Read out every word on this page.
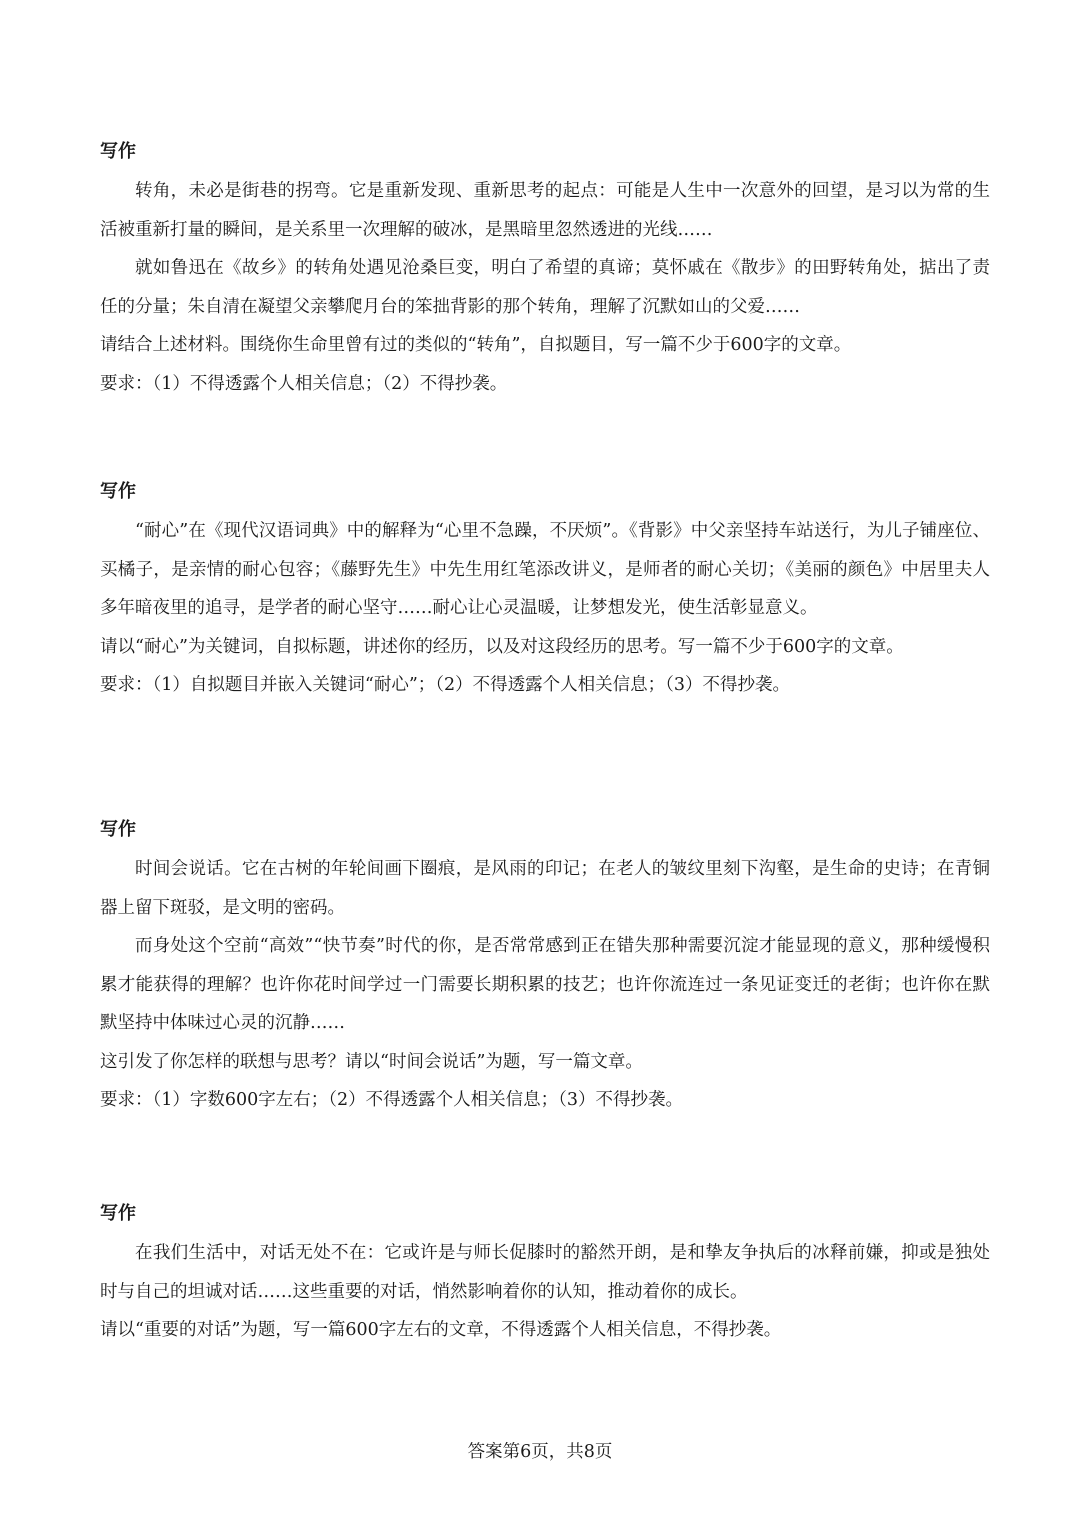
写作

转角，未必是街巷的拐弯。它是重新发现、重新思考的起点：可能是人生中一次意外的回望，是习以为常的生活被重新打量的瞬间，是关系里一次理解的破冰，是黑暗里忽然透进的光线……

就如鲁迅在《故乡》的转角处遇见沧桑巨变，明白了希望的真谛；莫怀戚在《散步》的田野转角处，掂出了责任的分量；朱自清在凝望父亲攀爬月台的笨拙背影的那个转角，理解了沉默如山的父爱……

请结合上述材料。围绕你生命里曾有过的类似的“转角”，自拟题目，写一篇不少于600字的文章。

要求：（1）不得透露个人相关信息；（2）不得抄袭。

写作

“耐心”在《现代汉语词典》中的解释为“心里不急躁，不厌烦”。《背影》中父亲坚持车站送行，为儿子铺座位、买橘子，是亲情的耐心包容；《藤野先生》中先生用红笔添改讲义，是师者的耐心关切；《美丽的颜色》中居里夫人多年暗夜里的追寻，是学者的耐心坚守……耐心让心灵温暖，让梦想发光，使生活彰显意义。

请以“耐心”为关键词，自拟标题，讲述你的经历，以及对这段经历的思考。写一篇不少于600字的文章。

要求：（1）自拟题目并嵌入关键词“耐心”；（2）不得透露个人相关信息；（3）不得抄袭。

写作

时间会说话。它在古树的年轮间画下圈痕，是风雨的印记；在老人的皱纹里刻下沟壑，是生命的史诗；在青铜器上留下斑驳，是文明的密码。

而身处这个空前“高效”“快节奏”时代的你，是否常常感到正在错失那种需要沉淀才能显现的意义，那种缓慢积累才能获得的理解？也许你花时间学过一门需要长期积累的技艺；也许你流连过一条见证变迁的老街；也许你在默默坚持中体味过心灵的沉静……

这引发了你怎样的联想与思考？请以“时间会说话”为题，写一篇文章。

要求：（1）字数600字左右；（2）不得透露个人相关信息；（3）不得抄袭。

写作

在我们生活中，对话无处不在：它或许是与师长促膝时的豁然开朗，是和挚友争执后的冰释前嫌，抑或是独处时与自己的坦诚对话……这些重要的对话，悄然影响着你的认知，推动着你的成长。

请以“重要的对话”为题，写一篇600字左右的文章，不得透露个人相关信息，不得抄袭。

答案第6页，共8页
